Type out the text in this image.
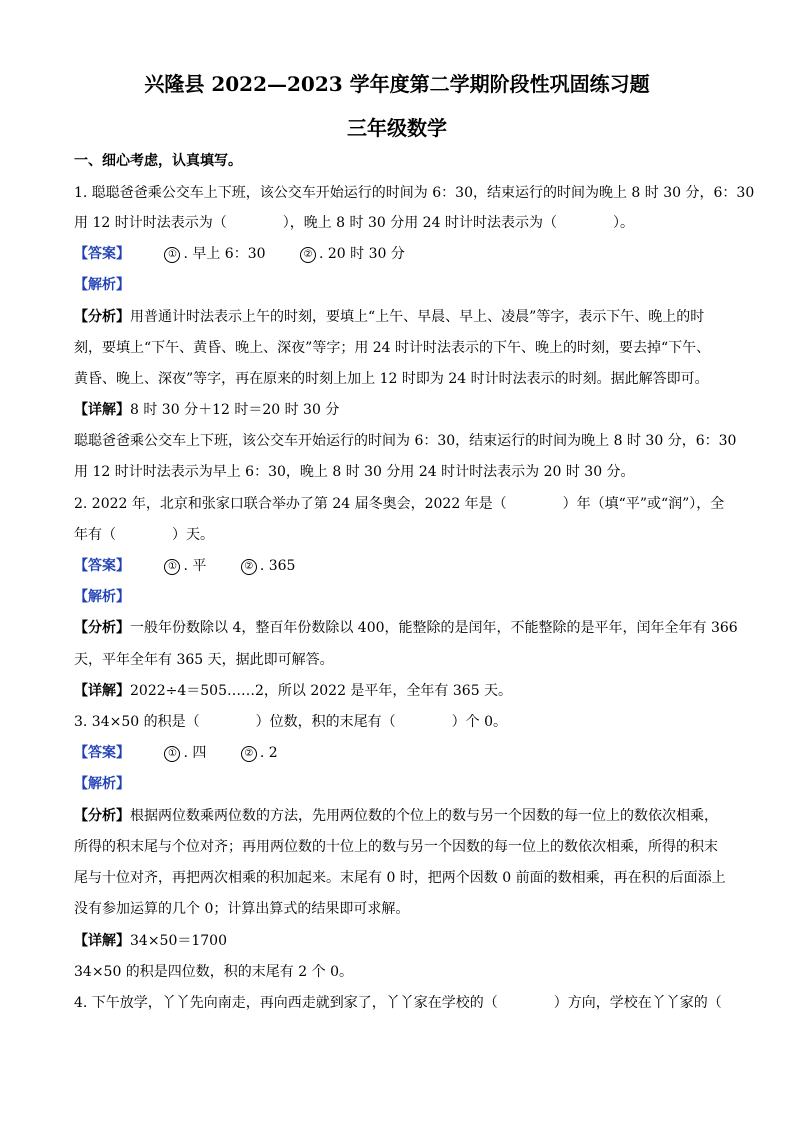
兴隆县 2022—2023 学年度第二学期阶段性巩固练习题
三年级数学
一、细心考虑，认真填写。
1. 聪聪爸爸乘公交车上下班，该公交车开始运行的时间为 6：30，结束运行的时间为晚上 8 时 30 分，6：30
用 12 时计时法表示为（　　　　），晚上 8 时 30 分用 24 时计时法表示为（　　　　）。
【答案】	① . 早上 6：30	② . 20 时 30 分
【解析】
【分析】用普通计时法表示上午的时刻，要填上“上午、早晨、早上、凌晨”等字，表示下午、晚上的时
刻，要填上“下午、黄昏、晚上、深夜”等字；用 24 时计时法表示的下午、晚上的时刻，要去掉“下午、
黄昏、晚上、深夜”等字，再在原来的时刻上加上 12 时即为 24 时计时法表示的时刻。据此解答即可。
【详解】8 时 30 分＋12 时＝20 时 30 分
聪聪爸爸乘公交车上下班，该公交车开始运行的时间为 6：30，结束运行的时间为晚上 8 时 30 分，6：30
用 12 时计时法表示为早上 6：30，晚上 8 时 30 分用 24 时计时法表示为 20 时 30 分。
2. 2022 年，北京和张家口联合举办了第 24 届冬奥会，2022 年是（　　　　）年（填“平”或“润”），全
年有（　　　　）天。
【答案】	① . 平	② . 365
【解析】
【分析】一般年份数除以 4，整百年份数除以 400，能整除的是闰年，不能整除的是平年，闰年全年有 366
天，平年全年有 365 天，据此即可解答。
【详解】2022÷4＝505……2，所以 2022 是平年，全年有 365 天。
3. 34×50 的积是（　　　　）位数，积的末尾有（　　　　）个 0。
【答案】	① . 四	② . 2
【解析】
【分析】根据两位数乘两位数的方法，先用两位数的个位上的数与另一个因数的每一位上的数依次相乘，
所得的积末尾与个位对齐；再用两位数的十位上的数与另一个因数的每一位上的数依次相乘，所得的积末
尾与十位对齐，再把两次相乘的积加起来。末尾有 0 时，把两个因数 0 前面的数相乘，再在积的后面添上
没有参加运算的几个 0；计算出算式的结果即可求解。
【详解】34×50＝1700
34×50 的积是四位数，积的末尾有 2 个 0。
4. 下午放学，丫丫先向南走，再向西走就到家了，丫丫家在学校的（　　　　）方向，学校在丫丫家的（
